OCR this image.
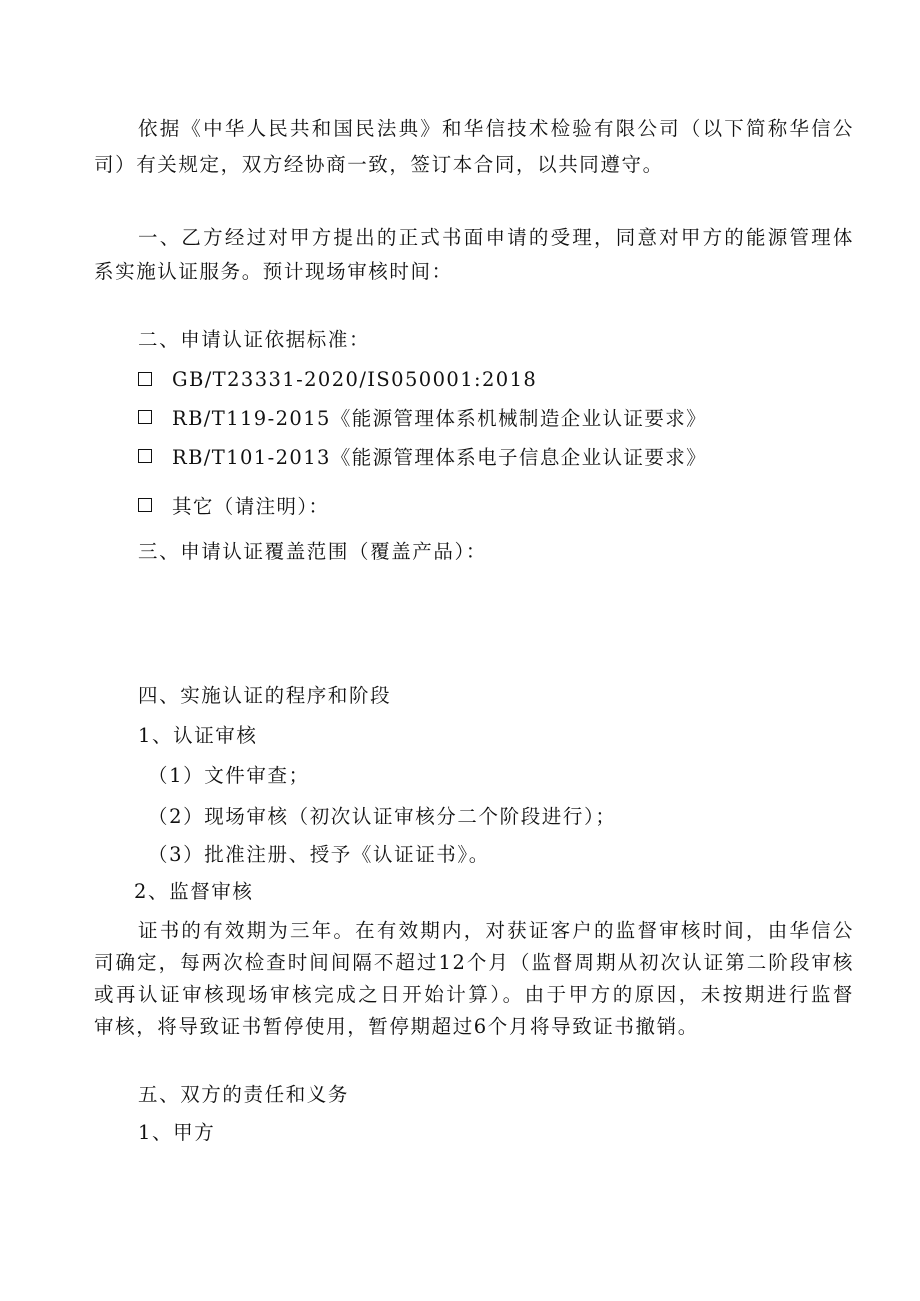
依据《中华人民共和国民法典》和华信技术检验有限公司（以下简称华信公
司）有关规定，双方经协商一致，签订本合同，以共同遵守。
一、乙方经过对甲方提出的正式书面申请的受理，同意对甲方的能源管理体
系实施认证服务。预计现场审核时间：
二、申请认证依据标准：
GB/T23331-2020/IS050001:2018
RB/T119-2015《能源管理体系机械制造企业认证要求》
RB/T101-2013《能源管理体系电子信息企业认证要求》
其它（请注明）：
三、申请认证覆盖范围（覆盖产品）：
四、实施认证的程序和阶段
1、认证审核
（1）文件审查；
（2）现场审核（初次认证审核分二个阶段进行）；
（3）批准注册、授予《认证证书》。
2、监督审核
证书的有效期为三年。在有效期内，对获证客户的监督审核时间，由华信公
司确定，每两次检查时间间隔不超过12个月（监督周期从初次认证第二阶段审核
或再认证审核现场审核完成之日开始计算）。由于甲方的原因，未按期进行监督
审核，将导致证书暂停使用，暂停期超过6个月将导致证书撤销。
五、双方的责任和义务
1、甲方
